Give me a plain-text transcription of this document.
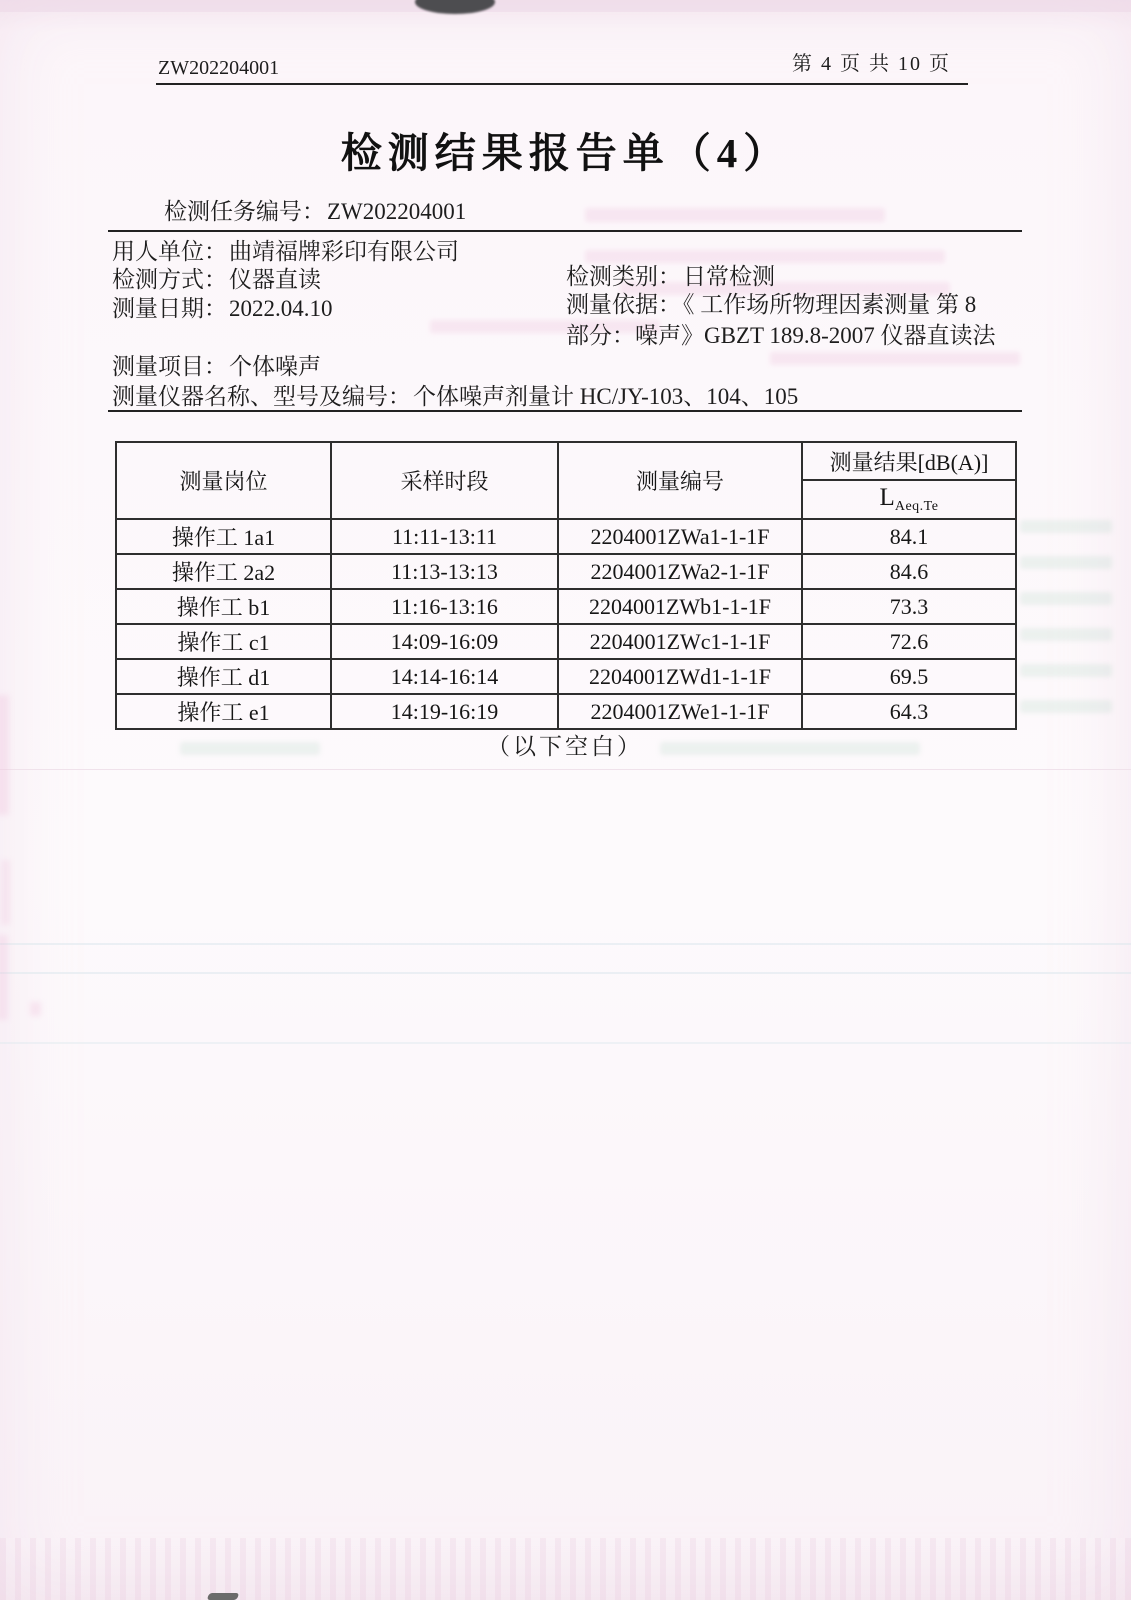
ZW202204001	第 4 页 共 10 页
检测结果报告单（4）
检测任务编号：ZW202204001
用人单位：曲靖福牌彩印有限公司
检测方式：仪器直读	检测类别：日常检测
测量日期：2022.04.10	测量依据：《 工作场所物理因素测量 第 8
部分：噪声》GBZT 189.8-2007 仪器直读法
测量项目：个体噪声
测量仪器名称、型号及编号：个体噪声剂量计 HC/JY-103、104、105
测量岗位	采样时段	测量编号	测量结果[dB(A)]
			$L_{Aeq.Te}$
操作工 1a1	11:11-13:11	2204001ZWa1-1-1F	84.1
操作工 2a2	11:13-13:13	2204001ZWa2-1-1F	84.6
操作工 b1	11:16-13:16	2204001ZWb1-1-1F	73.3
操作工 c1	14:09-16:09	2204001ZWc1-1-1F	72.6
操作工 d1	14:14-16:14	2204001ZWd1-1-1F	69.5
操作工 e1	14:19-16:19	2204001ZWe1-1-1F	64.3
（以下空白）
